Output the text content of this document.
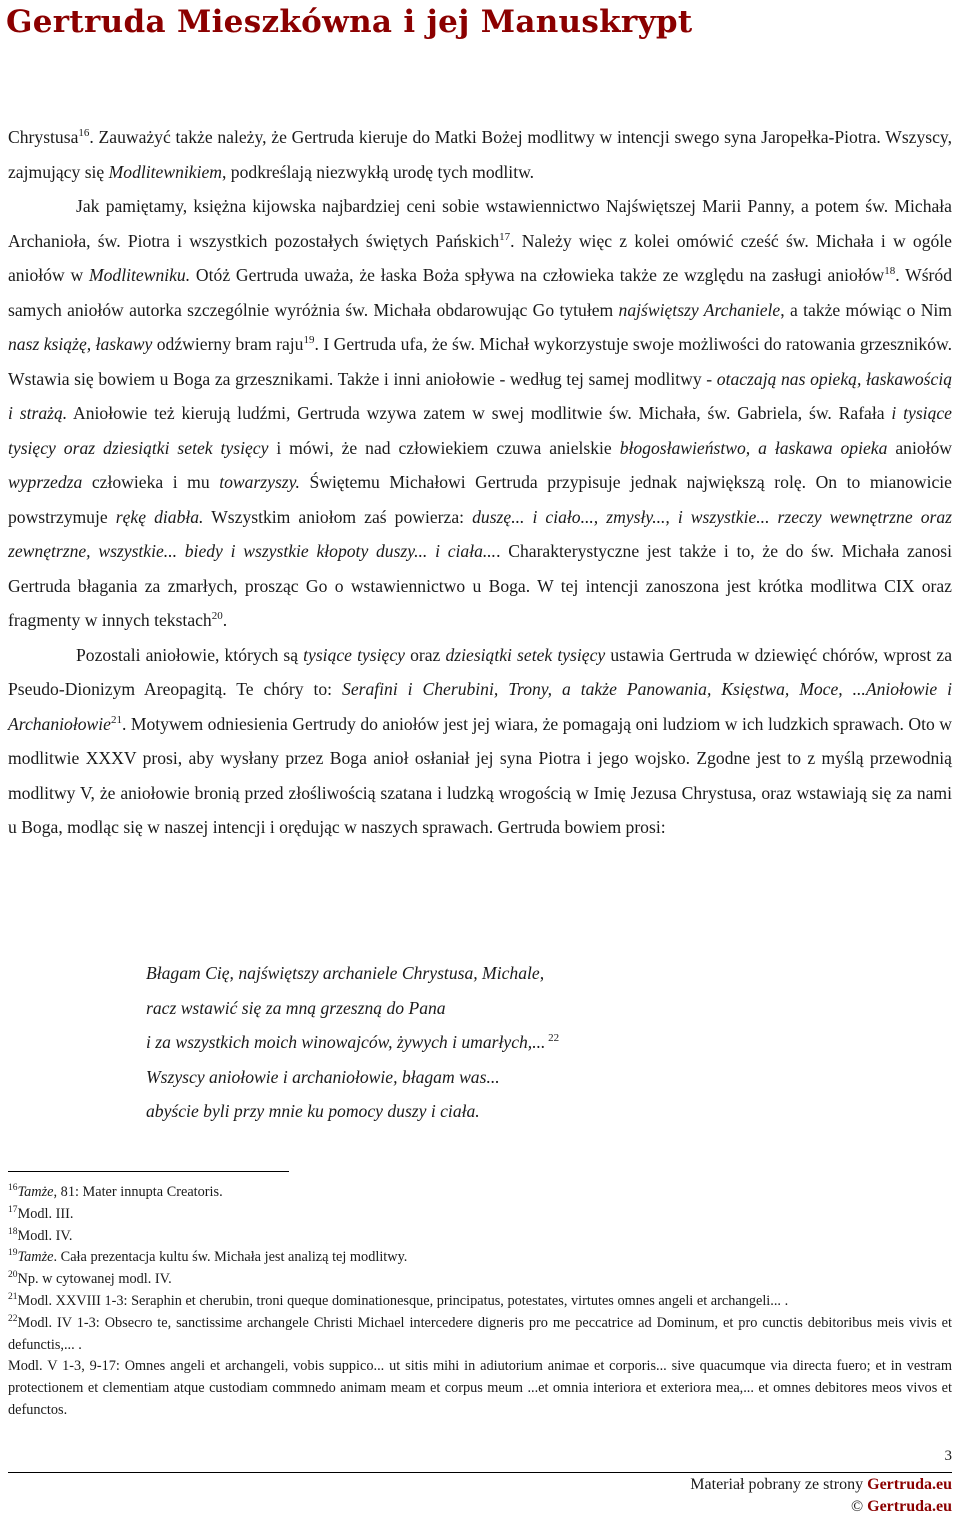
Gertruda Mieszkówna i jej Manuskrypt

Chrystusa$^{16}$. Zauważyć także należy, że Gertruda kieruje do Matki Bożej modlitwy w intencji swego syna Jaropełka-Piotra. Wszyscy, zajmujący się Modlitewnikiem, podkreślają niezwykłą urodę tych modlitw.

Jak pamiętamy, księżna kijowska najbardziej ceni sobie wstawiennictwo Najświętszej Marii Panny, a potem św. Michała Archanioła, św. Piotra i wszystkich pozostałych świętych Pańskich$^{17}$. Należy więc z kolei omówić cześć św. Michała i w ogóle aniołów w Modlitewniku. Otóż Gertruda uważa, że łaska Boża spływa na człowieka także ze względu na zasługi aniołów$^{18}$. Wśród samych aniołów autorka szczególnie wyróżnia św. Michała obdarowując Go tytułem najświętszy Archaniele, a także mówiąc o Nim nasz książę, łaskawy odźwierny bram raju$^{19}$. I Gertruda ufa, że św. Michał wykorzystuje swoje możliwości do ratowania grzeszników. Wstawia się bowiem u Boga za grzesznikami. Także i inni aniołowie - według tej samej modlitwy - otaczają nas opieką, łaskawością i strażą. Aniołowie też kierują ludźmi, Gertruda wzywa zatem w swej modlitwie św. Michała, św. Gabriela, św. Rafała i tysiące tysięcy oraz dziesiątki setek tysięcy i mówi, że nad człowiekiem czuwa anielskie błogosławieństwo, a łaskawa opieka aniołów wyprzedza człowieka i mu towarzyszy. Świętemu Michałowi Gertruda przypisuje jednak największą rolę. On to mianowicie powstrzymuje rękę diabła. Wszystkim aniołom zaś powierza: duszę... i ciało..., zmysły..., i wszystkie... rzeczy wewnętrzne oraz zewnętrzne, wszystkie... biedy i wszystkie kłopoty duszy... i ciała.... Charakterystyczne jest także i to, że do św. Michała zanosi Gertruda błagania za zmarłych, prosząc Go o wstawiennictwo u Boga. W tej intencji zanoszona jest krótka modlitwa CIX oraz fragmenty w innych tekstach$^{20}$.

Pozostali aniołowie, których są tysiące tysięcy oraz dziesiątki setek tysięcy ustawia Gertruda w dziewięć chórów, wprost za Pseudo-Dionizym Areopagitą. Te chóry to: Serafini i Cherubini, Trony, a także Panowania, Księstwa, Moce, ...Aniołowie i Archaniołowie$^{21}$. Motywem odniesienia Gertrudy do aniołów jest jej wiara, że pomagają oni ludziom w ich ludzkich sprawach. Oto w modlitwie XXXV prosi, aby wysłany przez Boga anioł osłaniał jej syna Piotra i jego wojsko. Zgodne jest to z myślą przewodnią modlitwy V, że aniołowie bronią przed złośliwością szatana i ludzką wrogością w Imię Jezusa Chrystusa, oraz wstawiają się za nami u Boga, modląc się w naszej intencji i orędując w naszych sprawach. Gertruda bowiem prosi:

Błagam Cię, najświętszy archaniele Chrystusa, Michale,
racz wstawić się za mną grzeszną do Pana
i za wszystkich moich winowajców, żywych i umarłych,... $^{22}$
Wszyscy aniołowie i archaniołowie, błagam was...
abyście byli przy mnie ku pomocy duszy i ciała.

$^{16}$Tamże, 81: Mater innupta Creatoris.

$^{17}$Modl. III.

$^{18}$Modl. IV.

$^{19}$Tamże. Cała prezentacja kultu św. Michała jest analizą tej modlitwy.

$^{20}$Np. w cytowanej modl. IV.

$^{21}$Modl. XXVIII 1-3: Seraphin et cherubin, troni queque dominationesque, principatus, potestates, virtutes omnes angeli et archangeli... .

$^{22}$Modl. IV 1-3: Obsecro te, sanctissime archangele Christi Michael intercedere digneris pro me peccatrice ad Dominum, et pro cunctis debitoribus meis vivis et defunctis,... .

Modl. V 1-3, 9-17: Omnes angeli et archangeli, vobis suppico... ut sitis mihi in adiutorium animae et corporis... sive quacumque via directa fuero; et in vestram protectionem et clementiam atque custodiam commnedo animam meam et corpus meum ...et omnia interiora et exteriora mea,... et omnes debitores meos vivos et defunctos.

3
Materiał pobrany ze strony Gertruda.eu
© Gertruda.eu
